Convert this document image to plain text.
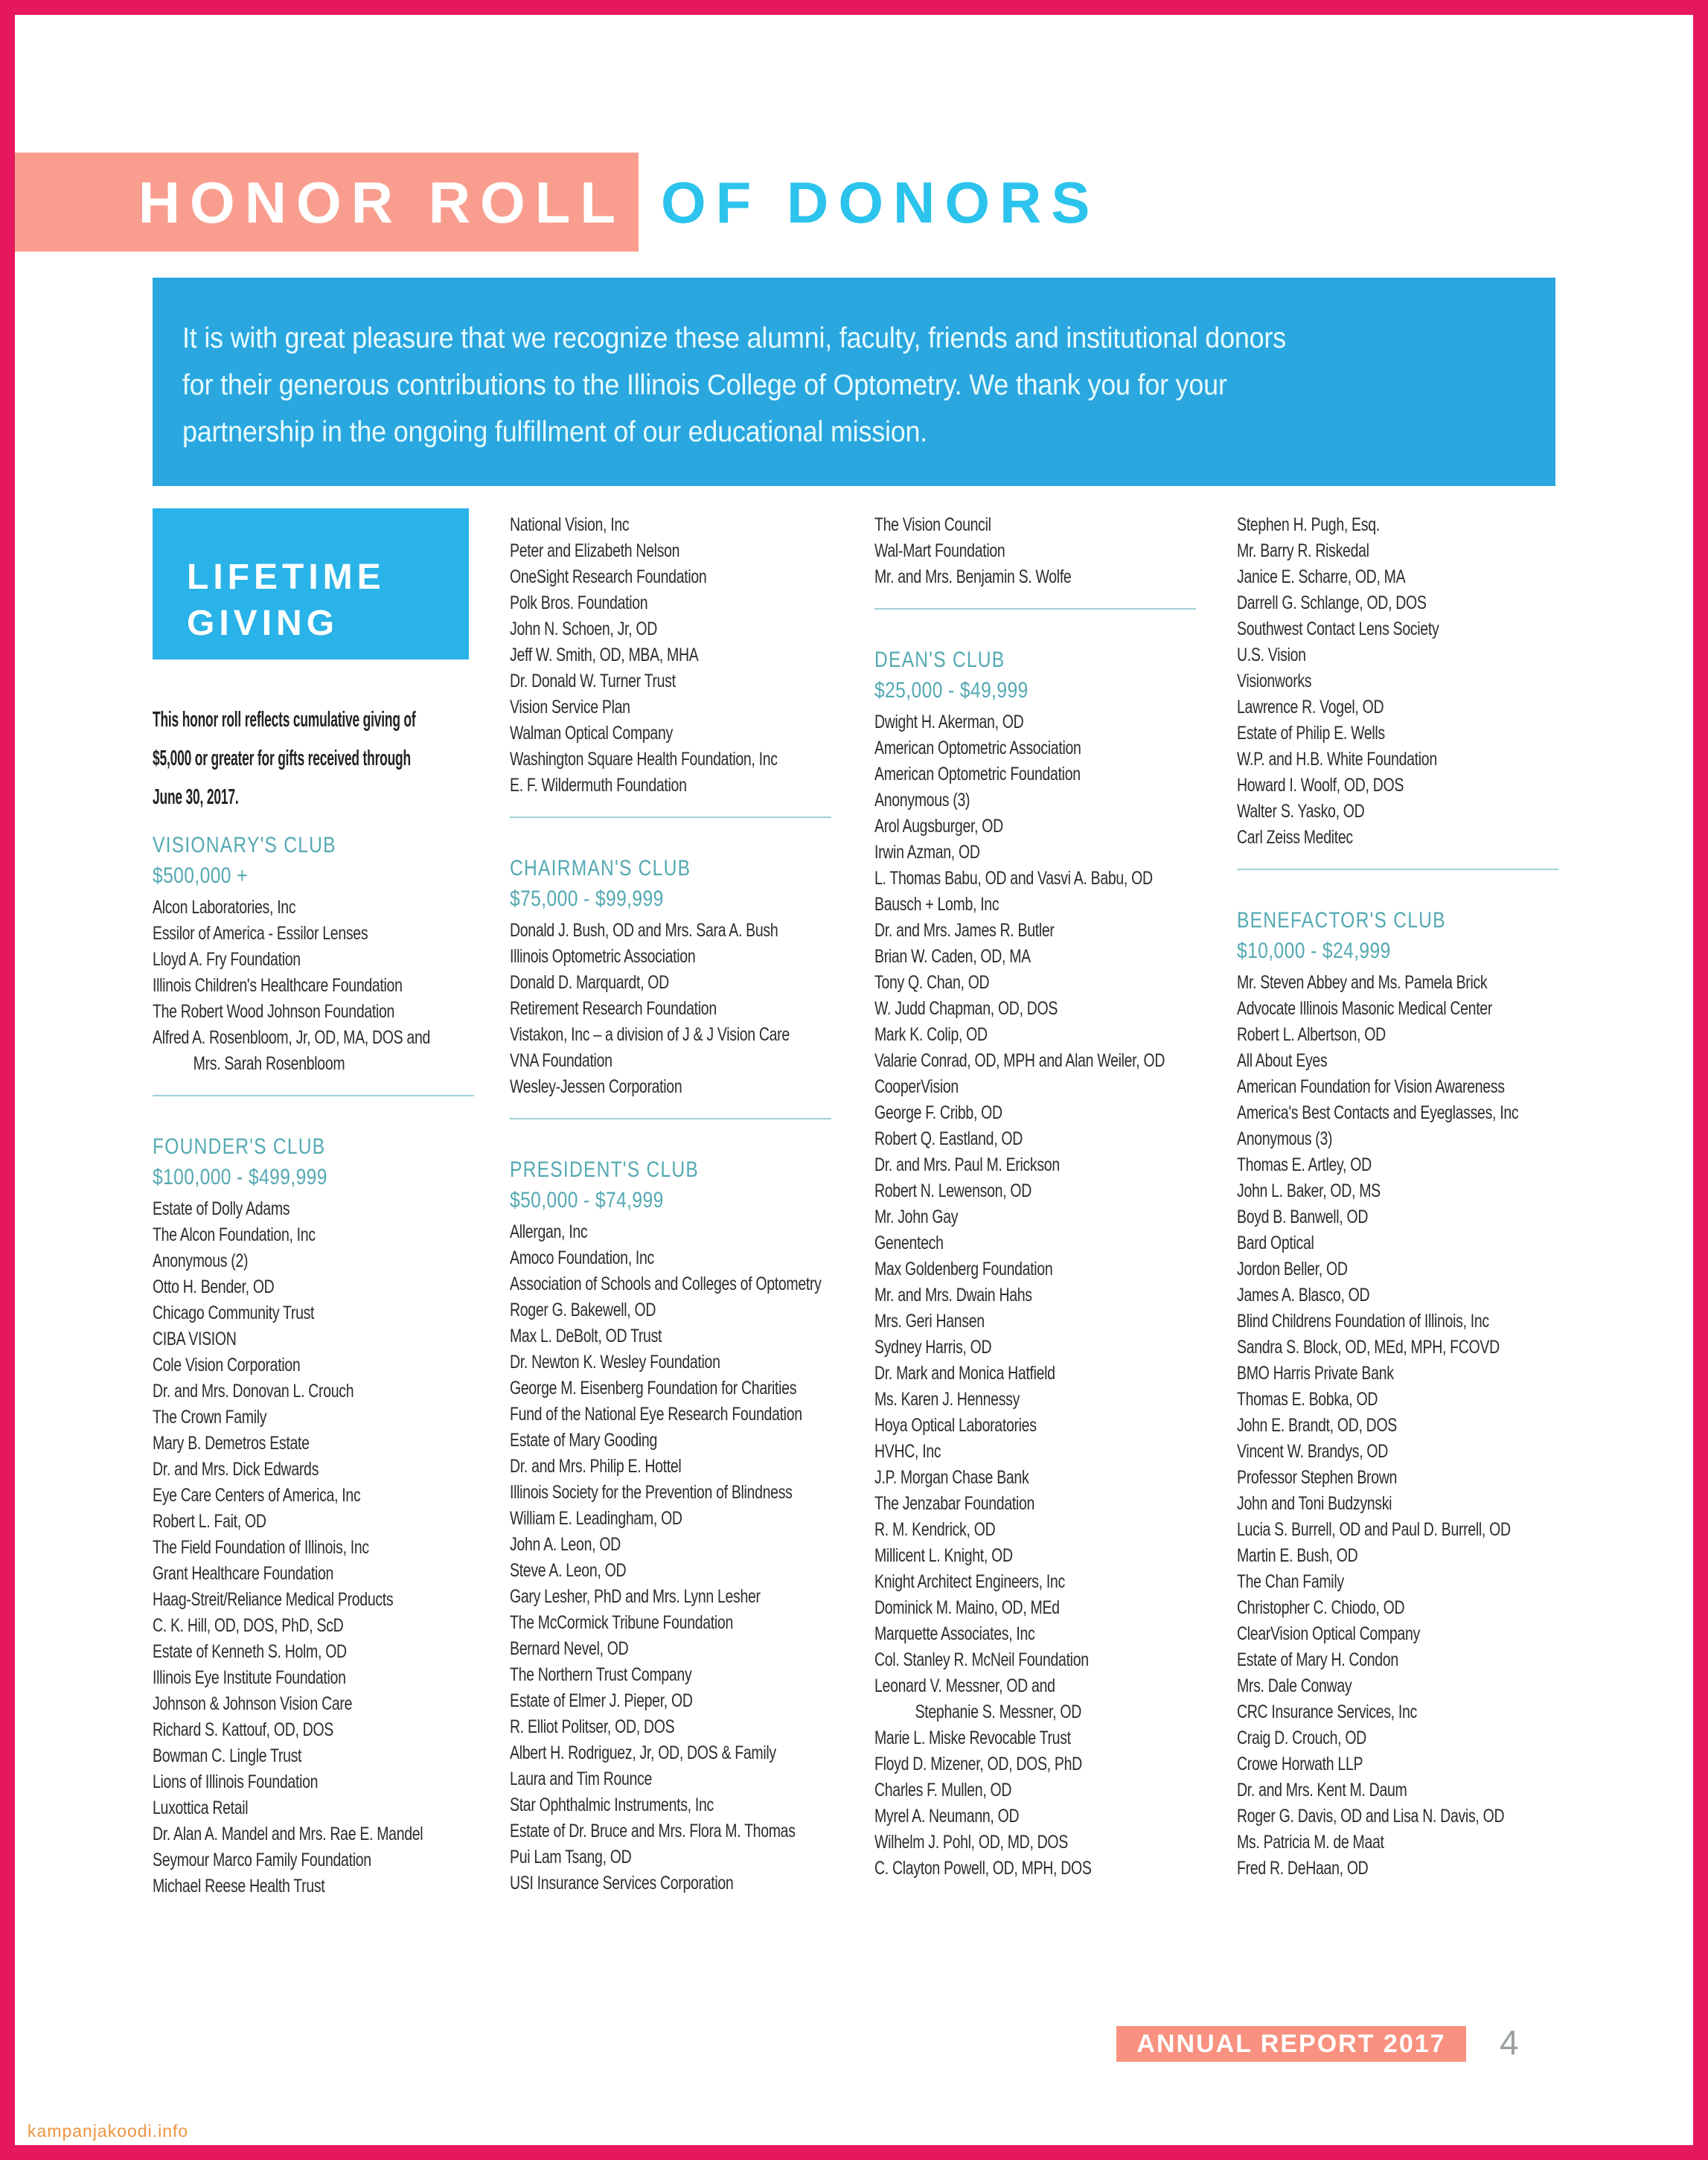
HONOR ROLL OF DONORS
It is with great pleasure that we recognize these alumni, faculty, friends and institutional donors
for their generous contributions to the Illinois College of Optometry. We thank you for your
partnership in the ongoing fulfillment of our educational mission.
LIFETIME
GIVING
This honor roll reflects cumulative giving of
$5,000 or greater for gifts received through
June 30, 2017.
VISIONARY'S CLUB
$500,000 +
Alcon Laboratories, Inc
Essilor of America - Essilor Lenses
Lloyd A. Fry Foundation
Illinois Children's Healthcare Foundation
The Robert Wood Johnson Foundation
Alfred A. Rosenbloom, Jr, OD, MA, DOS and
Mrs. Sarah Rosenbloom
FOUNDER'S CLUB
$100,000 - $499,999
Estate of Dolly Adams
The Alcon Foundation, Inc
Anonymous (2)
Otto H. Bender, OD
Chicago Community Trust
CIBA VISION
Cole Vision Corporation
Dr. and Mrs. Donovan L. Crouch
The Crown Family
Mary B. Demetros Estate
Dr. and Mrs. Dick Edwards
Eye Care Centers of America, Inc
Robert L. Fait, OD
The Field Foundation of Illinois, Inc
Grant Healthcare Foundation
Haag-Streit/Reliance Medical Products
C. K. Hill, OD, DOS, PhD, ScD
Estate of Kenneth S. Holm, OD
Illinois Eye Institute Foundation
Johnson & Johnson Vision Care
Richard S. Kattouf, OD, DOS
Bowman C. Lingle Trust
Lions of Illinois Foundation
Luxottica Retail
Dr. Alan A. Mandel and Mrs. Rae E. Mandel
Seymour Marco Family Foundation
Michael Reese Health Trust
National Vision, Inc
Peter and Elizabeth Nelson
OneSight Research Foundation
Polk Bros. Foundation
John N. Schoen, Jr, OD
Jeff W. Smith, OD, MBA, MHA
Dr. Donald W. Turner Trust
Vision Service Plan
Walman Optical Company
Washington Square Health Foundation, Inc
E. F. Wildermuth Foundation
CHAIRMAN'S CLUB
$75,000 - $99,999
Donald J. Bush, OD and Mrs. Sara A. Bush
Illinois Optometric Association
Donald D. Marquardt, OD
Retirement Research Foundation
Vistakon, Inc – a division of J & J Vision Care
VNA Foundation
Wesley-Jessen Corporation
PRESIDENT'S CLUB
$50,000 - $74,999
Allergan, Inc
Amoco Foundation, Inc
Association of Schools and Colleges of Optometry
Roger G. Bakewell, OD
Max L. DeBolt, OD Trust
Dr. Newton K. Wesley Foundation
George M. Eisenberg Foundation for Charities
Fund of the National Eye Research Foundation
Estate of Mary Gooding
Dr. and Mrs. Philip E. Hottel
Illinois Society for the Prevention of Blindness
William E. Leadingham, OD
John A. Leon, OD
Steve A. Leon, OD
Gary Lesher, PhD and Mrs. Lynn Lesher
The McCormick Tribune Foundation
Bernard Nevel, OD
The Northern Trust Company
Estate of Elmer J. Pieper, OD
R. Elliot Politser, OD, DOS
Albert H. Rodriguez, Jr, OD, DOS & Family
Laura and Tim Rounce
Star Ophthalmic Instruments, Inc
Estate of Dr. Bruce and Mrs. Flora M. Thomas
Pui Lam Tsang, OD
USI Insurance Services Corporation
The Vision Council
Wal-Mart Foundation
Mr. and Mrs. Benjamin S. Wolfe
DEAN'S CLUB
$25,000 - $49,999
Dwight H. Akerman, OD
American Optometric Association
American Optometric Foundation
Anonymous (3)
Arol Augsburger, OD
Irwin Azman, OD
L. Thomas Babu, OD and Vasvi A. Babu, OD
Bausch + Lomb, Inc
Dr. and Mrs. James R. Butler
Brian W. Caden, OD, MA
Tony Q. Chan, OD
W. Judd Chapman, OD, DOS
Mark K. Colip, OD
Valarie Conrad, OD, MPH and Alan Weiler, OD
CooperVision
George F. Cribb, OD
Robert Q. Eastland, OD
Dr. and Mrs. Paul M. Erickson
Robert N. Lewenson, OD
Mr. John Gay
Genentech
Max Goldenberg Foundation
Mr. and Mrs. Dwain Hahs
Mrs. Geri Hansen
Sydney Harris, OD
Dr. Mark and Monica Hatfield
Ms. Karen J. Hennessy
Hoya Optical Laboratories
HVHC, Inc
J.P. Morgan Chase Bank
The Jenzabar Foundation
R. M. Kendrick, OD
Millicent L. Knight, OD
Knight Architect Engineers, Inc
Dominick M. Maino, OD, MEd
Marquette Associates, Inc
Col. Stanley R. McNeil Foundation
Leonard V. Messner, OD and
Stephanie S. Messner, OD
Marie L. Miske Revocable Trust
Floyd D. Mizener, OD, DOS, PhD
Charles F. Mullen, OD
Myrel A. Neumann, OD
Wilhelm J. Pohl, OD, MD, DOS
C. Clayton Powell, OD, MPH, DOS
Stephen H. Pugh, Esq.
Mr. Barry R. Riskedal
Janice E. Scharre, OD, MA
Darrell G. Schlange, OD, DOS
Southwest Contact Lens Society
U.S. Vision
Visionworks
Lawrence R. Vogel, OD
Estate of Philip E. Wells
W.P. and H.B. White Foundation
Howard I. Woolf, OD, DOS
Walter S. Yasko, OD
Carl Zeiss Meditec
BENEFACTOR'S CLUB
$10,000 - $24,999
Mr. Steven Abbey and Ms. Pamela Brick
Advocate Illinois Masonic Medical Center
Robert L. Albertson, OD
All About Eyes
American Foundation for Vision Awareness
America's Best Contacts and Eyeglasses, Inc
Anonymous (3)
Thomas E. Artley, OD
John L. Baker, OD, MS
Boyd B. Banwell, OD
Bard Optical
Jordon Beller, OD
James A. Blasco, OD
Blind Childrens Foundation of Illinois, Inc
Sandra S. Block, OD, MEd, MPH, FCOVD
BMO Harris Private Bank
Thomas E. Bobka, OD
John E. Brandt, OD, DOS
Vincent W. Brandys, OD
Professor Stephen Brown
John and Toni Budzynski
Lucia S. Burrell, OD and Paul D. Burrell, OD
Martin E. Bush, OD
The Chan Family
Christopher C. Chiodo, OD
ClearVision Optical Company
Estate of Mary H. Condon
Mrs. Dale Conway
CRC Insurance Services, Inc
Craig D. Crouch, OD
Crowe Horwath LLP
Dr. and Mrs. Kent M. Daum
Roger G. Davis, OD and Lisa N. Davis, OD
Ms. Patricia M. de Maat
Fred R. DeHaan, OD
ANNUAL REPORT 2017 4
kampanjakoodi.info
